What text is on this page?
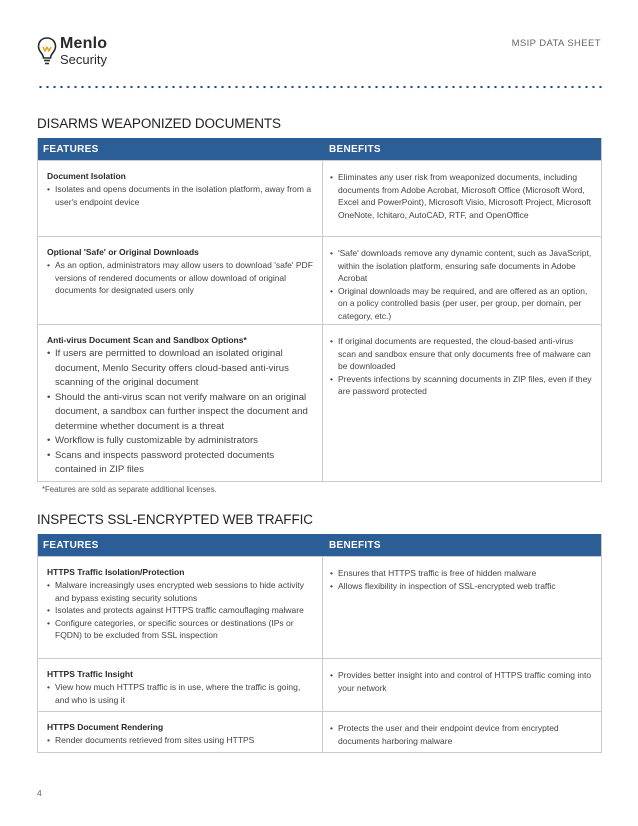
Menlo
Security
MSIP DATA SHEET
DISARMS WEAPONIZED DOCUMENTS
FEATURES	BENEFITS
Document Isolation
• Isolates and opens documents in the isolation platform, away from a user's endpoint device
• Eliminates any user risk from weaponized documents, including documents from Adobe Acrobat, Microsoft Office (Microsoft Word, Excel and PowerPoint), Microsoft Visio, Microsoft Project, Microsoft OneNote, Ichitaro, AutoCAD, RTF, and OpenOffice
Optional 'Safe' or Original Downloads
• As an option, administrators may allow users to download 'safe' PDF versions of rendered documents or allow download of original documents for designated users only
• 'Safe' downloads remove any dynamic content, such as JavaScript, within the isolation platform, ensuring safe documents in Adobe Acrobat
• Original downloads may be required, and are offered as an option, on a policy controlled basis (per user, per group, per domain, per category, etc.)
Anti-virus Document Scan and Sandbox Options*
• If users are permitted to download an isolated original document, Menlo Security offers cloud-based anti-virus scanning of the original document
• Should the anti-virus scan not verify malware on an original document, a sandbox can further inspect the document and determine whether document is a threat
• Workflow is fully customizable by administrators
• Scans and inspects password protected documents contained in ZIP files
• If original documents are requested, the cloud-based anti-virus scan and sandbox ensure that only documents free of malware can be downloaded
• Prevents infections by scanning documents in ZIP files, even if they are password protected
*Features are sold as separate additional licenses.
INSPECTS SSL-ENCRYPTED WEB TRAFFIC
FEATURES	BENEFITS
HTTPS Traffic Isolation/Protection
• Malware increasingly uses encrypted web sessions to hide activity and bypass existing security solutions
• Isolates and protects against HTTPS traffic camouflaging malware
• Configure categories, or specific sources or destinations (IPs or FQDN) to be excluded from SSL inspection
• Ensures that HTTPS traffic is free of hidden malware
• Allows flexibility in inspection of SSL-encrypted web traffic
HTTPS Traffic Insight
• View how much HTTPS traffic is in use, where the traffic is going, and who is using it
• Provides better insight into and control of HTTPS traffic coming into your network
HTTPS Document Rendering
• Render documents retrieved from sites using HTTPS
• Protects the user and their endpoint device from encrypted documents harboring malware
4
